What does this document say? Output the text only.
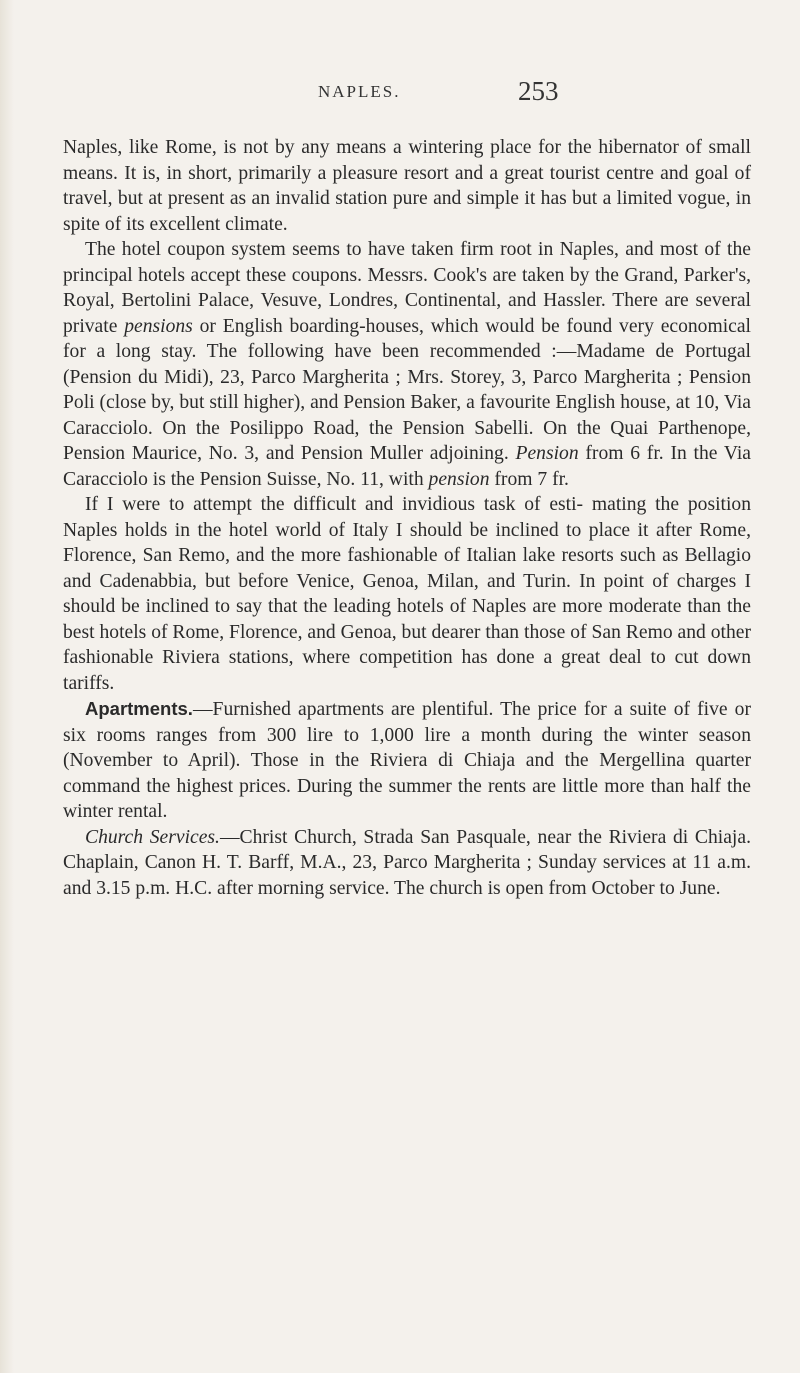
NAPLES.	253

Naples, like Rome, is not by any means a wintering place for the hibernator of small means. It is, in short, primarily a pleasure resort and a great tourist centre and goal of travel, but at present as an invalid station pure and simple it has but a limited vogue, in spite of its excellent climate.

The hotel coupon system seems to have taken firm root in Naples, and most of the principal hotels accept these coupons. Messrs. Cook's are taken by the Grand, Parker's, Royal, Bertolini Palace, Vesuve, Londres, Continental, and Hassler. There are several private pensions or English boarding-houses, which would be found very economical for a long stay. The following have been recommended :—Madame de Portugal (Pension du Midi), 23, Parco Margherita ; Mrs. Storey, 3, Parco Margherita ; Pension Poli (close by, but still higher), and Pension Baker, a favourite English house, at 10, Via Caracciolo. On the Posilippo Road, the Pension Sabelli. On the Quai Parthenope, Pension Maurice, No. 3, and Pension Muller adjoining. Pension from 6 fr. In the Via Caracciolo is the Pension Suisse, No. 11, with pension from 7 fr.

If I were to attempt the difficult and invidious task of esti- mating the position Naples holds in the hotel world of Italy I should be inclined to place it after Rome, Florence, San Remo, and the more fashionable of Italian lake resorts such as Bellagio and Cadenabbia, but before Venice, Genoa, Milan, and Turin. In point of charges I should be inclined to say that the leading hotels of Naples are more moderate than the best hotels of Rome, Florence, and Genoa, but dearer than those of San Remo and other fashionable Riviera stations, where competition has done a great deal to cut down tariffs.

Apartments.—Furnished apartments are plentiful. The price for a suite of five or six rooms ranges from 300 lire to 1,000 lire a month during the winter season (November to April). Those in the Riviera di Chiaja and the Mergellina quarter command the highest prices. During the summer the rents are little more than half the winter rental.

Church Services.—Christ Church, Strada San Pasquale, near the Riviera di Chiaja. Chaplain, Canon H. T. Barff, M.A., 23, Parco Margherita ; Sunday services at 11 a.m. and 3.15 p.m. H.C. after morning service. The church is open from October to June.
